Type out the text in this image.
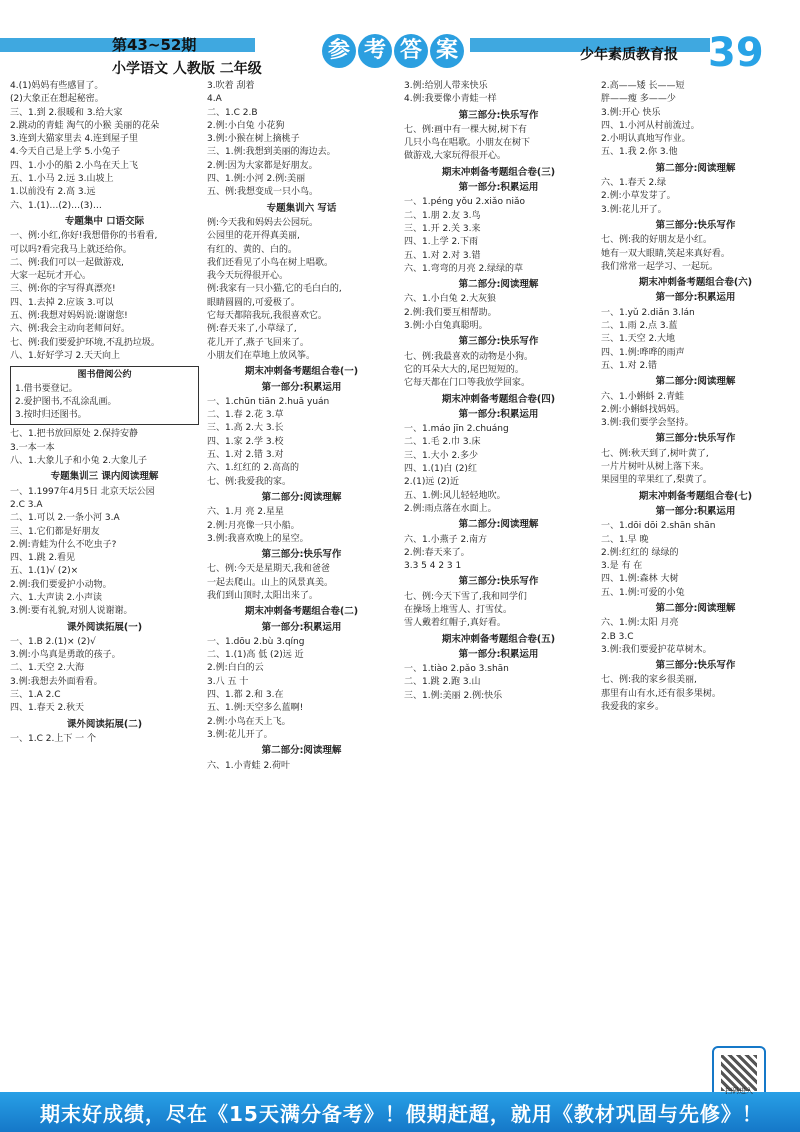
第43~52期
小学语文 人教版 二年级
参 考 答 案	少年素质教育报 39
4.(1)妈妈有些感冒了。
(2)大象正在想起秘密。
三、1.到 2.很暖和 3.给大家
2.跳动的青蛙 淘气的小猴 美丽的花朵
3.连到大猫家里去 4.连到屋子里
4.今天自己是上学 5.小兔子
四、1.小小的船 2.小鸟在天上飞
五、1.小马 2.远 3.山坡上
1.以前没有 2.高 3.远
六、1.(1)…(2)…(3)…
专题集中 口语交际
一、例:小红,你好!我想借你的书看看,
可以吗?看完我马上就还给你。
二、例:我们可以一起做游戏,
大家一起玩才开心。
三、例:你的字写得真漂亮!
四、1.去掉 2.应该 3.可以
五、例:我想对妈妈说:谢谢您!
六、例:我会主动向老师问好。
七、例:我们要爱护环境,不乱扔垃圾。
八、1.好好学习 2.天天向上
图书借阅公约
1.借书要登记。
2.爱护图书,不乱涂乱画。
3.按时归还图书。
七、1.把书放回原处 2.保持安静
3.一本一本
八、1.大象儿子和小兔 2.大象儿子
专题集训三 课内阅读理解
一、1.1997年4月5日 北京天坛公园
2.C 3.A
二、1.可以 2.一条小河 3.A
三、1.它们都是好朋友
2.例:青蛙为什么不吃虫子?
四、1.跳 2.看见
五、1.(1)√ (2)×
2.例:我们要爱护小动物。
六、1.大声读 2.小声读
3.例:要有礼貌,对别人说谢谢。
课外阅读拓展(一)
一、1.B 2.(1)× (2)√
3.例:小鸟真是勇敢的孩子。
二、1.天空 2.大海
3.例:我想去外面看看。
三、1.A 2.C
四、1.春天 2.秋天
课外阅读拓展(二)
一、1.C 2.上下 一 个
3.吹着 刮着
4.A
二、1.C 2.B
2.例:小白兔 小花狗
3.例:小猴在树上摘桃子
三、1.例:我想到美丽的海边去。
2.例:因为大家都是好朋友。
四、1.例:小河 2.例:美丽
五、例:我想变成一只小鸟。
专题集训六 写话
例:今天我和妈妈去公园玩。
公园里的花开得真美丽,
有红的、黄的、白的。
我们还看见了小鸟在树上唱歌。
我今天玩得很开心。
例:我家有一只小猫,它的毛白白的,
眼睛圆圆的,可爱极了。
它每天都陪我玩,我很喜欢它。
例:春天来了,小草绿了,
花儿开了,燕子飞回来了。
小朋友们在草地上放风筝。
期末冲刺备考题组合卷(一)
第一部分:积累运用
一、1.chūn tiān 2.huā yuán
二、1.春 2.花 3.草
三、1.高 2.大 3.长
四、1.家 2.学 3.校
五、1.对 2.错 3.对
六、1.红红的 2.高高的
七、例:我爱我的家。
第二部分:阅读理解
六、1.月 亮 2.星星
2.例:月亮像一只小船。
3.例:我喜欢晚上的星空。
第三部分:快乐写作
七、例:今天是星期天,我和爸爸
一起去爬山。山上的风景真美。
我们到山顶时,太阳出来了。
期末冲刺备考题组合卷(二)
第一部分:积累运用
一、1.dōu 2.bù 3.qíng
二、1.(1)高 低 (2)远 近
2.例:白白的云
3.八 五 十
四、1.都 2.和 3.在
五、1.例:天空多么蓝啊!
2.例:小鸟在天上飞。
3.例:花儿开了。
第二部分:阅读理解
六、1.小青蛙 2.荷叶
3.例:给别人带来快乐
4.例:我要像小青蛙一样
第三部分:快乐写作
七、例:画中有一棵大树,树下有
几只小鸟在唱歌。小朋友在树下
做游戏,大家玩得很开心。
期末冲刺备考题组合卷(三)
第一部分:积累运用
一、1.péng yǒu 2.xiǎo niǎo
二、1.朋 2.友 3.鸟
三、1.开 2.关 3.来
四、1.上学 2.下雨
五、1.对 2.对 3.错
六、1.弯弯的月亮 2.绿绿的草
第二部分:阅读理解
六、1.小白兔 2.大灰狼
2.例:我们要互相帮助。
3.例:小白兔真聪明。
第三部分:快乐写作
七、例:我最喜欢的动物是小狗。
它的耳朵大大的,尾巴短短的。
它每天都在门口等我放学回家。
期末冲刺备考题组合卷(四)
第一部分:积累运用
一、1.máo jīn 2.chuáng
二、1.毛 2.巾 3.床
三、1.大小 2.多少
四、1.(1)白 (2)红
2.(1)远 (2)近
五、1.例:风儿轻轻地吹。
2.例:雨点落在水面上。
第二部分:阅读理解
六、1.小燕子 2.南方
2.例:春天来了。
3.3 5 4 2 3 1
第三部分:快乐写作
七、例:今天下雪了,我和同学们
在操场上堆雪人、打雪仗。
雪人戴着红帽子,真好看。
期末冲刺备考题组合卷(五)
第一部分:积累运用
一、1.tiào 2.pǎo 3.shān
二、1.跳 2.跑 3.山
三、1.例:美丽 2.例:快乐
2.高——矮 长——短
胖——瘦 多——少
3.例:开心 快乐
四、1.小河从村前流过。
2.小明认真地写作业。
五、1.我 2.你 3.他
第二部分:阅读理解
六、1.春天 2.绿
2.例:小草发芽了。
3.例:花儿开了。
第三部分:快乐写作
七、例:我的好朋友是小红。
她有一双大眼睛,笑起来真好看。
我们常常一起学习、一起玩。
期末冲刺备考题组合卷(六)
第一部分:积累运用
一、1.yǔ 2.diǎn 3.lán
二、1.雨 2.点 3.蓝
三、1.天空 2.大地
四、1.例:哗哗的雨声
五、1.对 2.错
第二部分:阅读理解
六、1.小蝌蚪 2.青蛙
2.例:小蝌蚪找妈妈。
3.例:我们要学会坚持。
第三部分:快乐写作
七、例:秋天到了,树叶黄了,
一片片树叶从树上落下来。
果园里的苹果红了,梨黄了。
期末冲刺备考题组合卷(七)
第一部分:积累运用
一、1.dōi dōi 2.shān shān
二、1.早 晚
2.例:红红的 绿绿的
3.是 有 在
四、1.例:森林 大树
五、1.例:可爱的小兔
第二部分:阅读理解
六、1.例:太阳 月亮
2.B 3.C
3.例:我们要爱护花草树木。
第三部分:快乐写作
七、例:我的家乡很美丽,
那里有山有水,还有很多果树。
我爱我的家乡。
期末好成绩，尽在《15天满分备考》！假期赶超，就用《教材巩固与先修》！
扫码进入
